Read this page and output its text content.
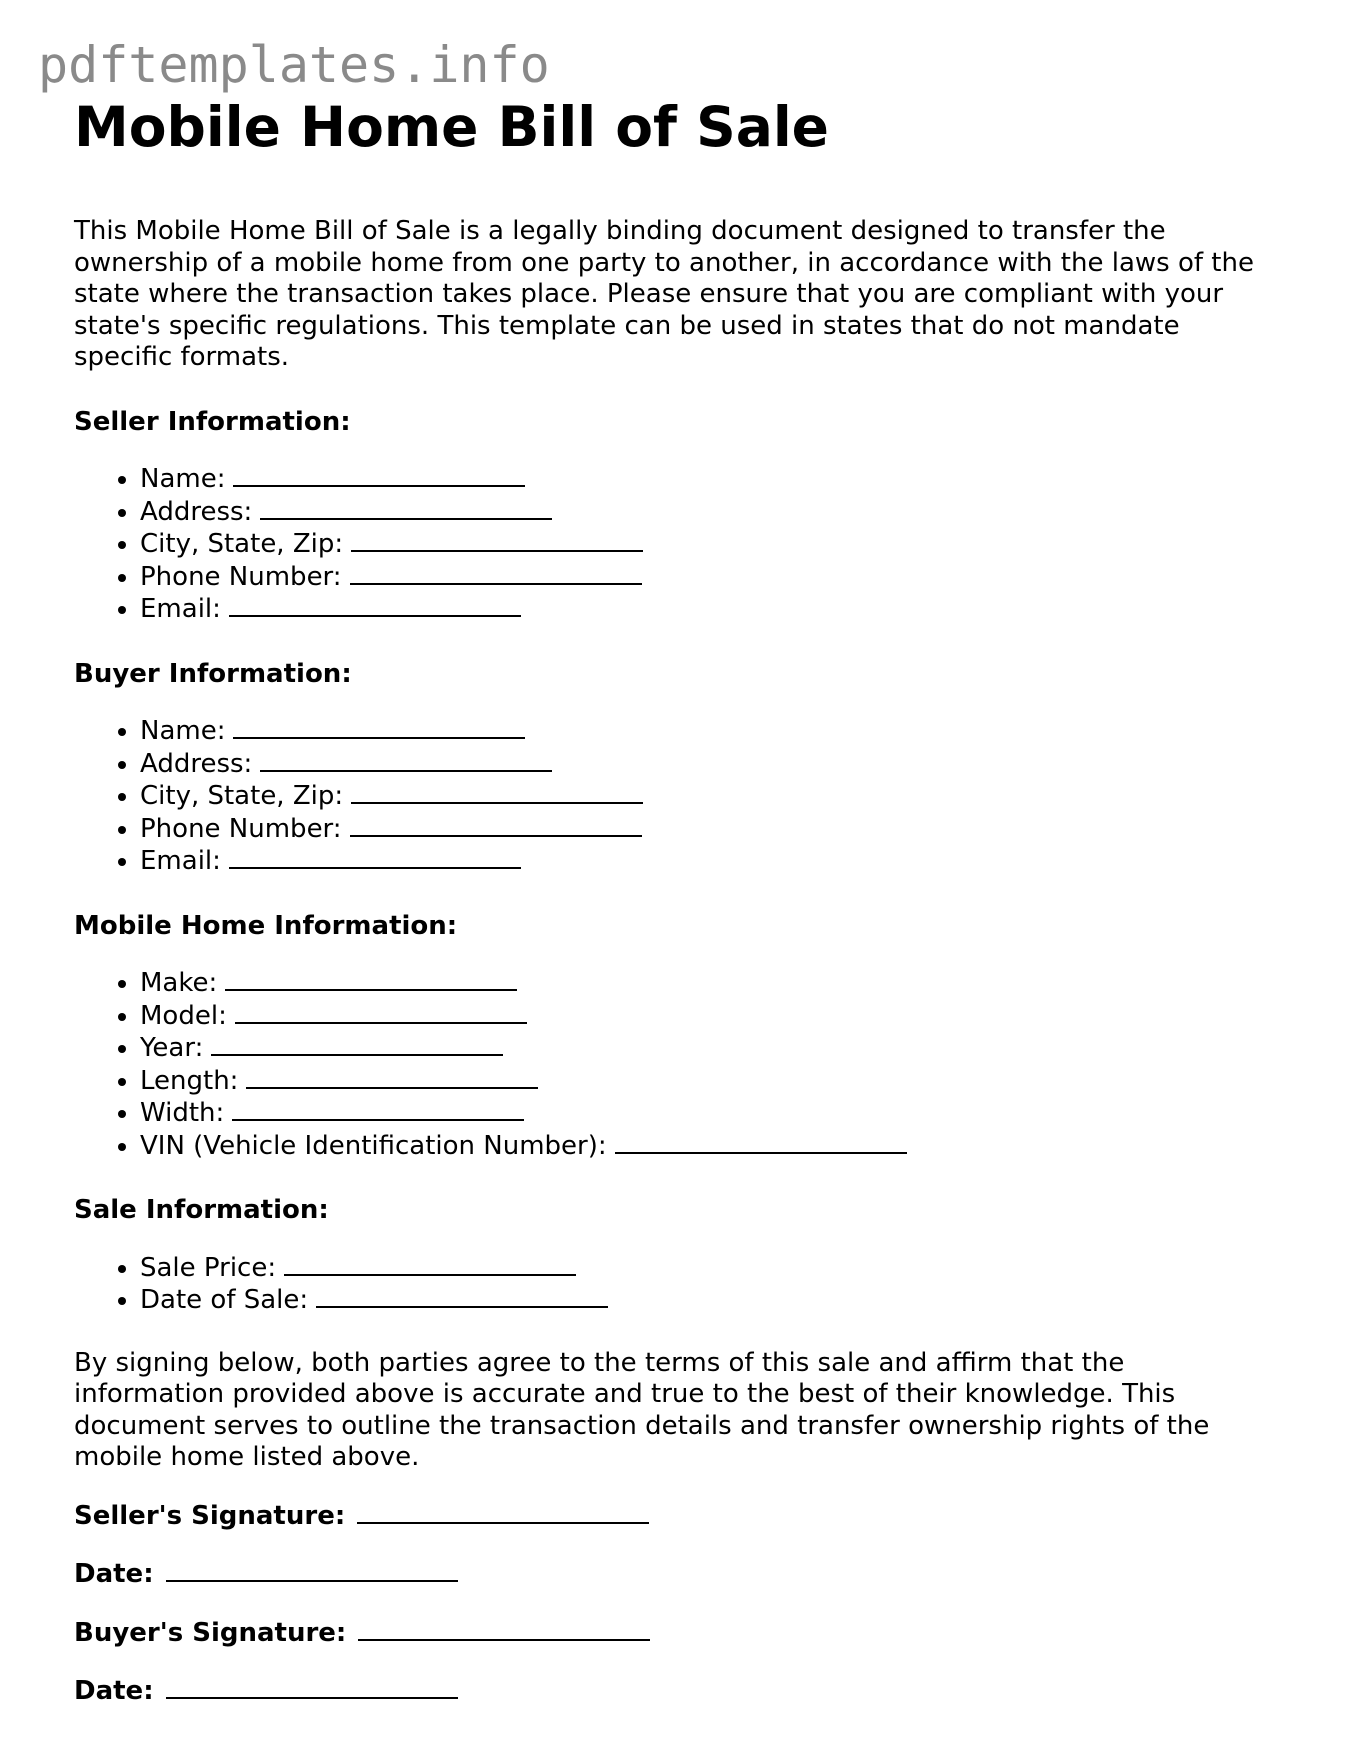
pdftemplates.info
Mobile Home Bill of Sale

This Mobile Home Bill of Sale is a legally binding document designed to transfer the ownership of a mobile home from one party to another, in accordance with the laws of the state where the transaction takes place. Please ensure that you are compliant with your state's specific regulations. This template can be used in states that do not mandate specific formats.

Seller Information:

• Name:
• Address:
• City, State, Zip:
• Phone Number:
• Email:

Buyer Information:

• Name:
• Address:
• City, State, Zip:
• Phone Number:
• Email:

Mobile Home Information:

• Make:
• Model:
• Year:
• Length:
• Width:
• VIN (Vehicle Identification Number):

Sale Information:

• Sale Price:
• Date of Sale:

By signing below, both parties agree to the terms of this sale and affirm that the information provided above is accurate and true to the best of their knowledge. This document serves to outline the transaction details and transfer ownership rights of the mobile home listed above.

Seller's Signature:

Date:

Buyer's Signature:

Date:
